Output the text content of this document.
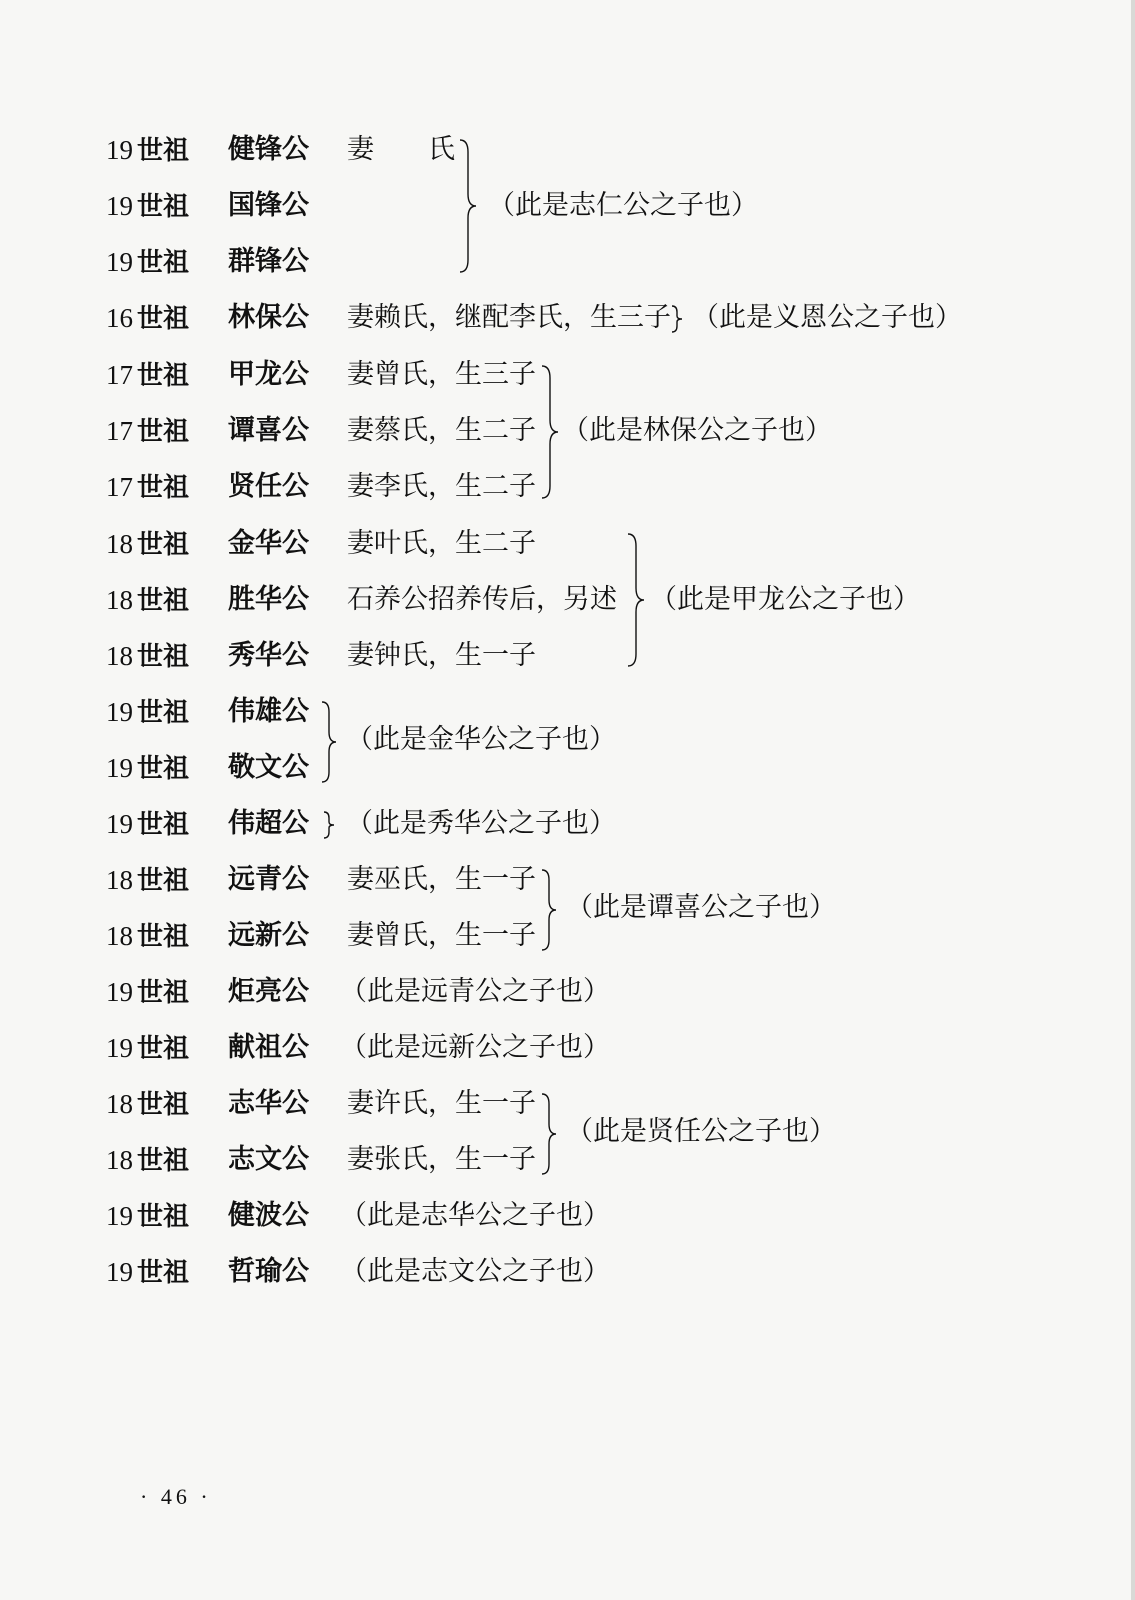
19 世祖 健锋公 妻　　氏
19 世祖 国锋公
19 世祖 群锋公
（此是志仁公之子也）
16 世祖 林保公 妻赖氏，继配李氏，生三子 （此是义恩公之子也）
17 世祖 甲龙公 妻曾氏，生三子
17 世祖 谭喜公 妻蔡氏，生二子
17 世祖 贤任公 妻李氏，生二子
（此是林保公之子也）
18 世祖 金华公 妻叶氏，生二子
18 世祖 胜华公 石养公招养传后，另述
18 世祖 秀华公 妻钟氏，生一子
（此是甲龙公之子也）
19 世祖 伟雄公
19 世祖 敬文公
（此是金华公之子也）
19 世祖 伟超公 （此是秀华公之子也）
18 世祖 远青公 妻巫氏，生一子
18 世祖 远新公 妻曾氏，生一子
（此是谭喜公之子也）
19 世祖 炬亮公 （此是远青公之子也）
19 世祖 献祖公 （此是远新公之子也）
18 世祖 志华公 妻许氏，生一子
18 世祖 志文公 妻张氏，生一子
（此是贤任公之子也）
19 世祖 健波公 （此是志华公之子也）
19 世祖 哲瑜公 （此是志文公之子也）
· 46 ·
